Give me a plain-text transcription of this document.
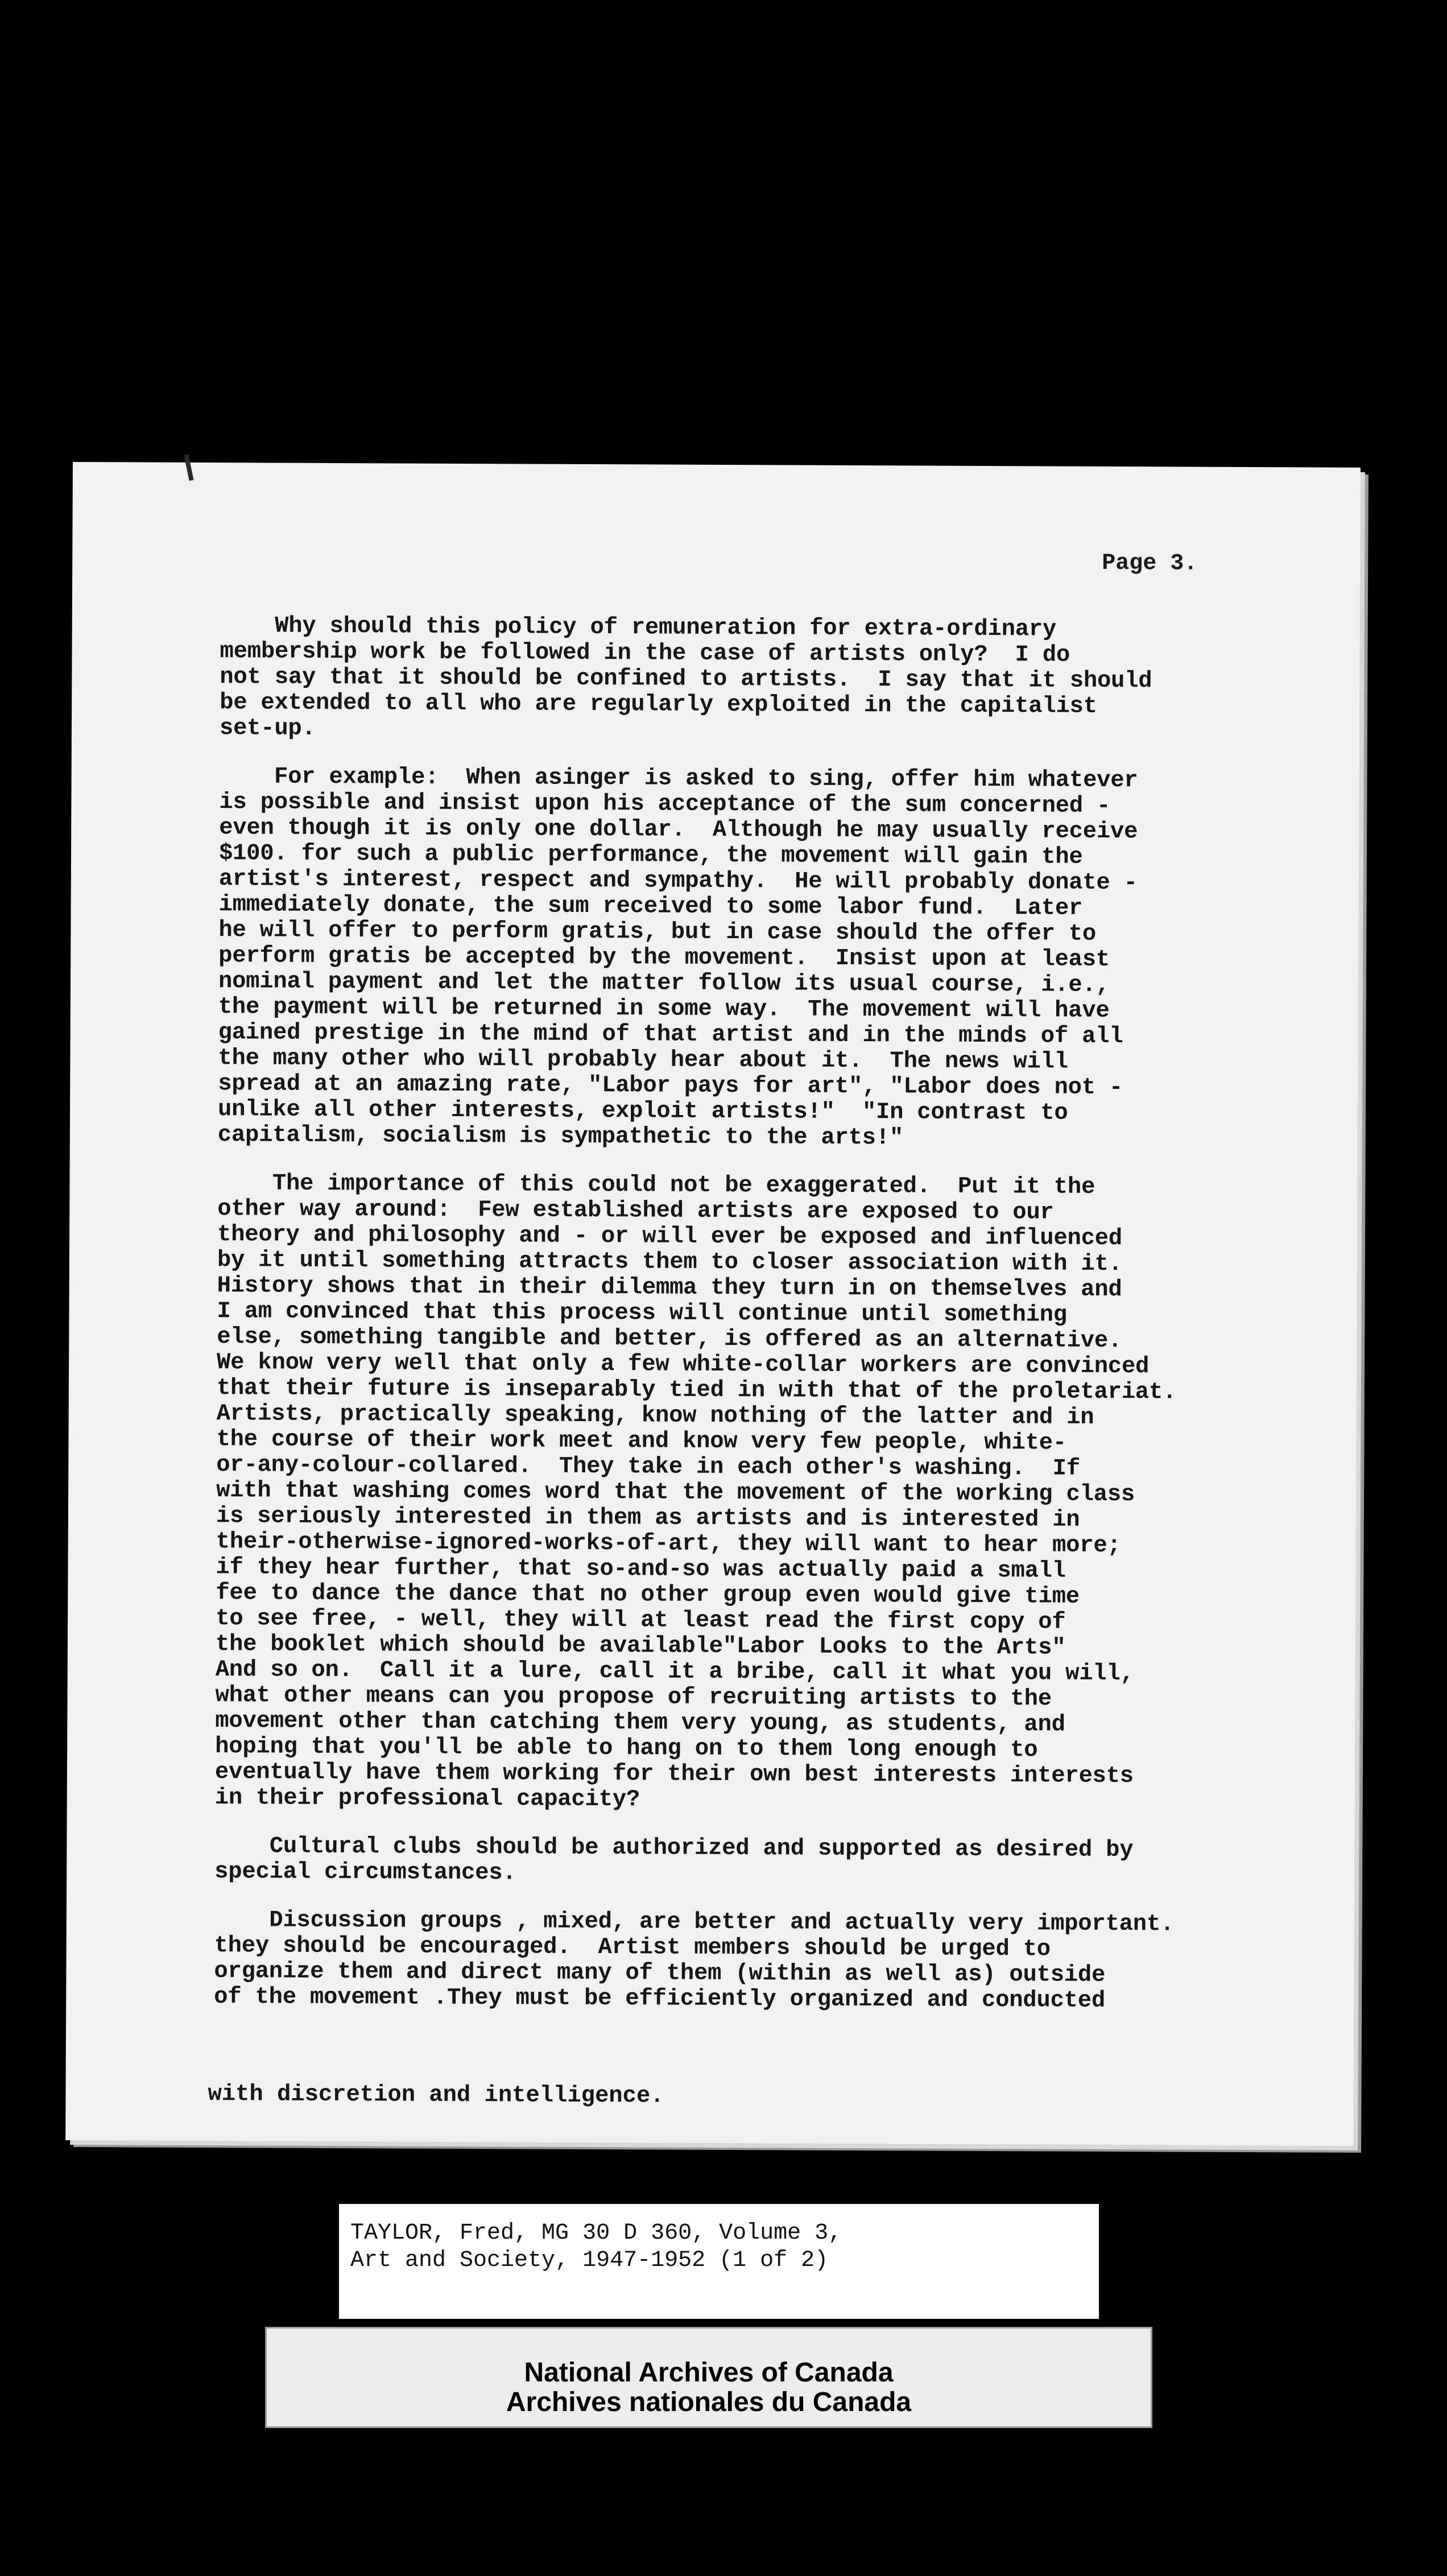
Page 3.
Why should this policy of remuneration for extra-ordinary
membership work be followed in the case of artists only?  I do
not say that it should be confined to artists.  I say that it should
be extended to all who are regularly exploited in the capitalist
set-up.
For example:  When asinger is asked to sing, offer him whatever
is possible and insist upon his acceptance of the sum concerned -
even though it is only one dollar.  Although he may usually receive
$100. for such a public performance, the movement will gain the
artist's interest, respect and sympathy.  He will probably donate -
immediately donate, the sum received to some labor fund.  Later
he will offer to perform gratis, but in case should the offer to
perform gratis be accepted by the movement.  Insist upon at least
nominal payment and let the matter follow its usual course, i.e.,
the payment will be returned in some way.  The movement will have
gained prestige in the mind of that artist and in the minds of all
the many other who will probably hear about it.  The news will
spread at an amazing rate, "Labor pays for art", "Labor does not -
unlike all other interests, exploit artists!"  "In contrast to
capitalism, socialism is sympathetic to the arts!"
The importance of this could not be exaggerated.  Put it the
other way around:  Few established artists are exposed to our
theory and philosophy and - or will ever be exposed and influenced
by it until something attracts them to closer association with it.
History shows that in their dilemma they turn in on themselves and
I am convinced that this process will continue until something
else, something tangible and better, is offered as an alternative.
We know very well that only a few white-collar workers are convinced
that their future is inseparably tied in with that of the proletariat.
Artists, practically speaking, know nothing of the latter and in
the course of their work meet and know very few people, white-
or-any-colour-collared.  They take in each other's washing.  If
with that washing comes word that the movement of the working class
is seriously interested in them as artists and is interested in
their-otherwise-ignored-works-of-art, they will want to hear more;
if they hear further, that so-and-so was actually paid a small
fee to dance the dance that no other group even would give time
to see free, - well, they will at least read the first copy of
the booklet which should be available"Labor Looks to the Arts"
And so on.  Call it a lure, call it a bribe, call it what you will,
what other means can you propose of recruiting artists to the
movement other than catching them very young, as students, and
hoping that you'll be able to hang on to them long enough to
eventually have them working for their own best interests interests
in their professional capacity?
Cultural clubs should be authorized and supported as desired by
special circumstances.
Discussion groups , mixed, are better and actually very important.
they should be encouraged.  Artist members should be urged to
organize them and direct many of them (within as well as) outside
of the movement .They must be efficiently organized and conducted
with discretion and intelligence.
TAYLOR, Fred, MG 30 D 360, Volume 3,
Art and Society, 1947-1952 (1 of 2)
National Archives of Canada
Archives nationales du Canada
